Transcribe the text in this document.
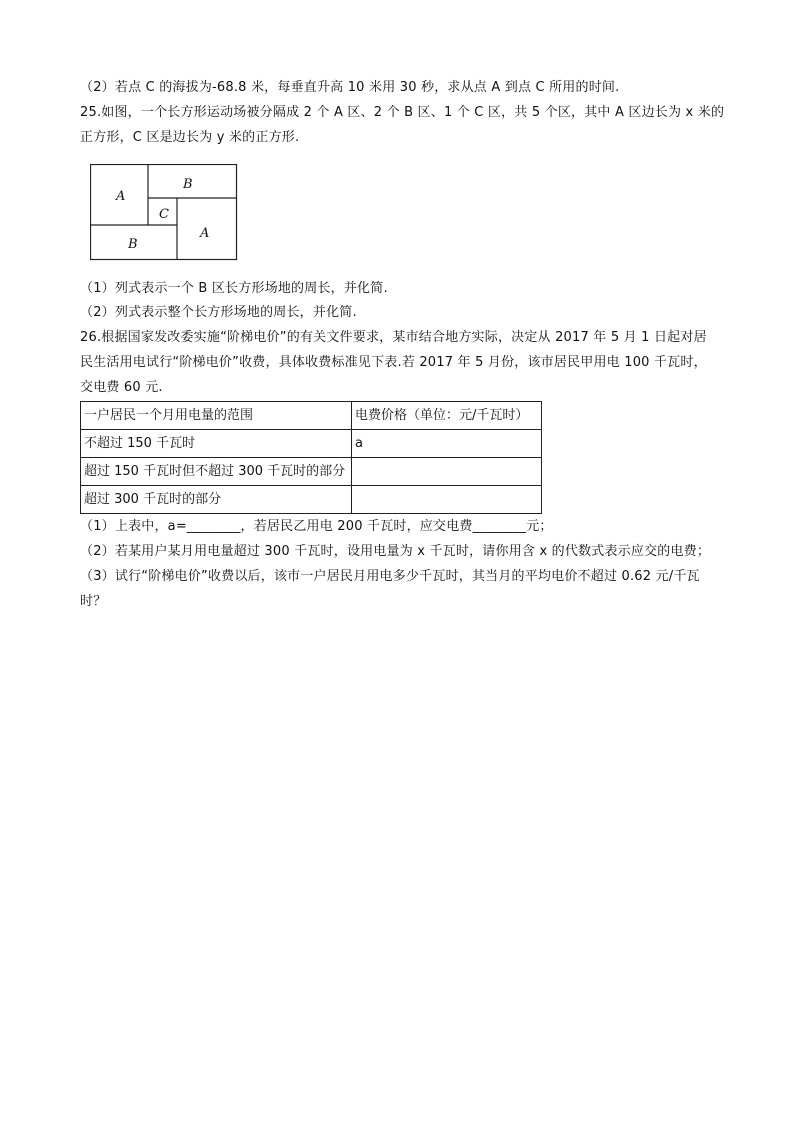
（2）若点 C 的海拔为-68.8 米，每垂直升高 10 米用 30 秒，求从点 A 到点 C 所用的时间.
25.如图，一个长方形运动场被分隔成 2 个 A 区、2 个 B 区、1 个 C 区，共 5 个区，其中 A 区边长为 x 米的
正方形，C 区是边长为 y 米的正方形.
A
B
C
B
A
（1）列式表示一个 B 区长方形场地的周长，并化简.
（2）列式表示整个长方形场地的周长，并化简.
26.根据国家发改委实施“阶梯电价”的有关文件要求，某市结合地方实际，决定从 2017 年 5 月 1 日起对居
民生活用电试行“阶梯电价”收费，具体收费标准见下表.若 2017 年 5 月份，该市居民甲用电 100 千瓦时，
交电费 60 元.
一户居民一个月用电量的范围	电费价格（单位：元/千瓦时）
不超过 150 千瓦时	a
超过 150 千瓦时但不超过 300 千瓦时的部分	
超过 300 千瓦时的部分	
（1）上表中，a=________，若居民乙用电 200 千瓦时，应交电费________元；
（2）若某用户某月用电量超过 300 千瓦时，设用电量为 x 千瓦时，请你用含 x 的代数式表示应交的电费；
（3）试行“阶梯电价”收费以后，该市一户居民月用电多少千瓦时，其当月的平均电价不超过 0.62 元/千瓦
时？
